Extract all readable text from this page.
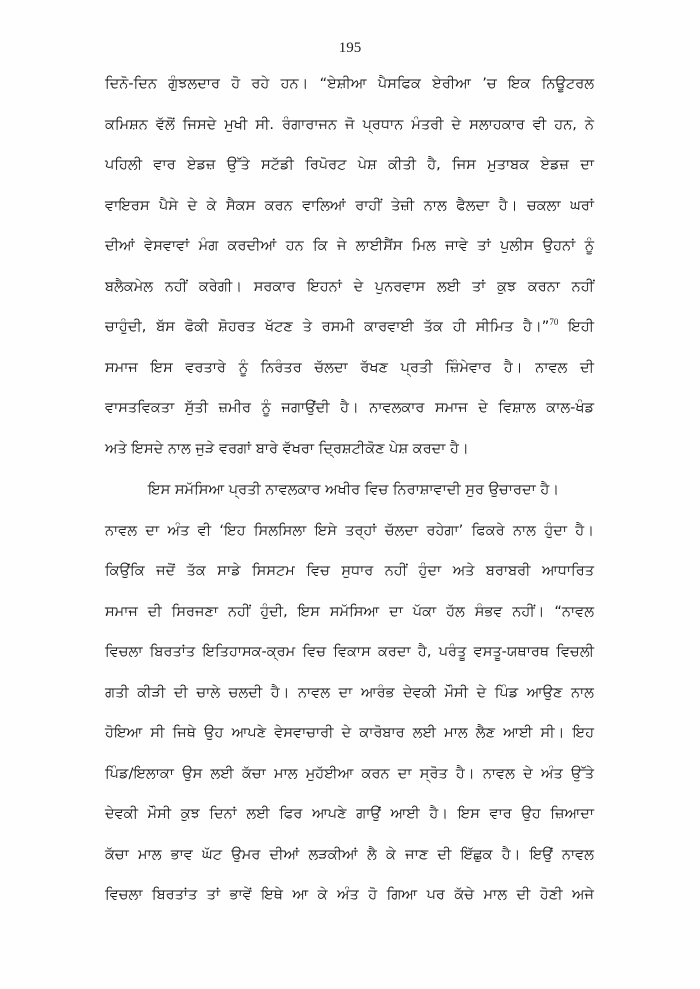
195
ਦਿਨੋ-ਦਿਨ ਗੁੰਝਲਦਾਰ ਹੋ ਰਹੇ ਹਨ। “ਏਸ਼ੀਆ ਪੈਸਫਿਕ ਏਰੀਆ ’ਚ ਇਕ ਨਿਊਟਰਲ
ਕਮਿਸ਼ਨ ਵੱਲੋਂ ਜਿਸਦੇ ਮੁਖੀ ਸੀ. ਰੰਗਾਰਾਜਨ ਜੋ ਪ੍ਰਧਾਨ ਮੰਤਰੀ ਦੇ ਸਲਾਹਕਾਰ ਵੀ ਹਨ, ਨੇ
ਪਹਿਲੀ ਵਾਰ ਏਡਜ਼ ਉੱਤੇ ਸਟੱਡੀ ਰਿਪੋਰਟ ਪੇਸ਼ ਕੀਤੀ ਹੈ, ਜਿਸ ਮੁਤਾਬਕ ਏਡਜ਼ ਦਾ
ਵਾਇਰਸ ਪੈਸੇ ਦੇ ਕੇ ਸੈਕਸ ਕਰਨ ਵਾਲਿਆਂ ਰਾਹੀਂ ਤੇਜ਼ੀ ਨਾਲ ਫੈਲਦਾ ਹੈ। ਚਕਲਾ ਘਰਾਂ
ਦੀਆਂ ਵੇਸਵਾਵਾਂ ਮੰਗ ਕਰਦੀਆਂ ਹਨ ਕਿ ਜੇ ਲਾਈਸੈਂਸ ਮਿਲ ਜਾਵੇ ਤਾਂ ਪੁਲੀਸ ਉਹਨਾਂ ਨੂੰ
ਬਲੈਕਮੇਲ ਨਹੀਂ ਕਰੇਗੀ। ਸਰਕਾਰ ਇਹਨਾਂ ਦੇ ਪੁਨਰਵਾਸ ਲਈ ਤਾਂ ਕੁਝ ਕਰਨਾ ਨਹੀਂ
ਚਾਹੁੰਦੀ, ਬੱਸ ਫੋਕੀ ਸ਼ੋਹਰਤ ਖੱਟਣ ਤੇ ਰਸਮੀ ਕਾਰਵਾਈ ਤੱਕ ਹੀ ਸੀਮਿਤ ਹੈ।”$^{70}$ ਇਹੀ
ਸਮਾਜ ਇਸ ਵਰਤਾਰੇ ਨੂੰ ਨਿਰੰਤਰ ਚੱਲਦਾ ਰੱਖਣ ਪ੍ਰਤੀ ਜ਼ਿੰਮੇਵਾਰ ਹੈ। ਨਾਵਲ ਦੀ
ਵਾਸਤਵਿਕਤਾ ਸੁੱਤੀ ਜ਼ਮੀਰ ਨੂੰ ਜਗਾਉਂਦੀ ਹੈ। ਨਾਵਲਕਾਰ ਸਮਾਜ ਦੇ ਵਿਸ਼ਾਲ ਕਾਲ-ਖੰਡ
ਅਤੇ ਇਸਦੇ ਨਾਲ ਜੁੜੇ ਵਰਗਾਂ ਬਾਰੇ ਵੱਖਰਾ ਦ੍ਰਿਸ਼ਟੀਕੋਣ ਪੇਸ਼ ਕਰਦਾ ਹੈ।
ਇਸ ਸਮੱਸਿਆ ਪ੍ਰਤੀ ਨਾਵਲਕਾਰ ਅਖੀਰ ਵਿਚ ਨਿਰਾਸ਼ਾਵਾਦੀ ਸੁਰ ਉਚਾਰਦਾ ਹੈ।
ਨਾਵਲ ਦਾ ਅੰਤ ਵੀ ‘ਇਹ ਸਿਲਸਿਲਾ ਇਸੇ ਤਰ੍ਹਾਂ ਚੱਲਦਾ ਰਹੇਗਾ’ ਫਿਕਰੇ ਨਾਲ ਹੁੰਦਾ ਹੈ।
ਕਿਉਂਕਿ ਜਦੋਂ ਤੱਕ ਸਾਡੇ ਸਿਸਟਮ ਵਿਚ ਸੁਧਾਰ ਨਹੀਂ ਹੁੰਦਾ ਅਤੇ ਬਰਾਬਰੀ ਆਧਾਰਿਤ
ਸਮਾਜ ਦੀ ਸਿਰਜਣਾ ਨਹੀਂ ਹੁੰਦੀ, ਇਸ ਸਮੱਸਿਆ ਦਾ ਪੱਕਾ ਹੱਲ ਸੰਭਵ ਨਹੀਂ। “ਨਾਵਲ
ਵਿਚਲਾ ਬਿਰਤਾਂਤ ਇਤਿਹਾਸਕ-ਕ੍ਰਮ ਵਿਚ ਵਿਕਾਸ ਕਰਦਾ ਹੈ, ਪਰੰਤੂ ਵਸਤੂ-ਯਥਾਰਥ ਵਿਚਲੀ
ਗਤੀ ਕੀੜੀ ਦੀ ਚਾਲੇ ਚਲਦੀ ਹੈ। ਨਾਵਲ ਦਾ ਆਰੰਭ ਦੇਵਕੀ ਮੌਸੀ ਦੇ ਪਿੰਡ ਆਉਣ ਨਾਲ
ਹੋਇਆ ਸੀ ਜਿਥੇ ਉਹ ਆਪਣੇ ਵੇਸਵਾਚਾਰੀ ਦੇ ਕਾਰੋਬਾਰ ਲਈ ਮਾਲ ਲੈਣ ਆਈ ਸੀ। ਇਹ
ਪਿੰਡ/ਇਲਾਕਾ ਉਸ ਲਈ ਕੱਚਾ ਮਾਲ ਮੁਹੱਈਆ ਕਰਨ ਦਾ ਸ੍ਰੋਤ ਹੈ। ਨਾਵਲ ਦੇ ਅੰਤ ਉੱਤੇ
ਦੇਵਕੀ ਮੌਸੀ ਕੁਝ ਦਿਨਾਂ ਲਈ ਫਿਰ ਆਪਣੇ ਗਾਉਂ ਆਈ ਹੈ। ਇਸ ਵਾਰ ਉਹ ਜ਼ਿਆਦਾ
ਕੱਚਾ ਮਾਲ ਭਾਵ ਘੱਟ ਉਮਰ ਦੀਆਂ ਲੜਕੀਆਂ ਲੈ ਕੇ ਜਾਣ ਦੀ ਇੱਛੁਕ ਹੈ। ਇਉਂ ਨਾਵਲ
ਵਿਚਲਾ ਬਿਰਤਾਂਤ ਤਾਂ ਭਾਵੇਂ ਇਥੇ ਆ ਕੇ ਅੰਤ ਹੋ ਗਿਆ ਪਰ ਕੱਚੇ ਮਾਲ ਦੀ ਹੋਣੀ ਅਜੇ
